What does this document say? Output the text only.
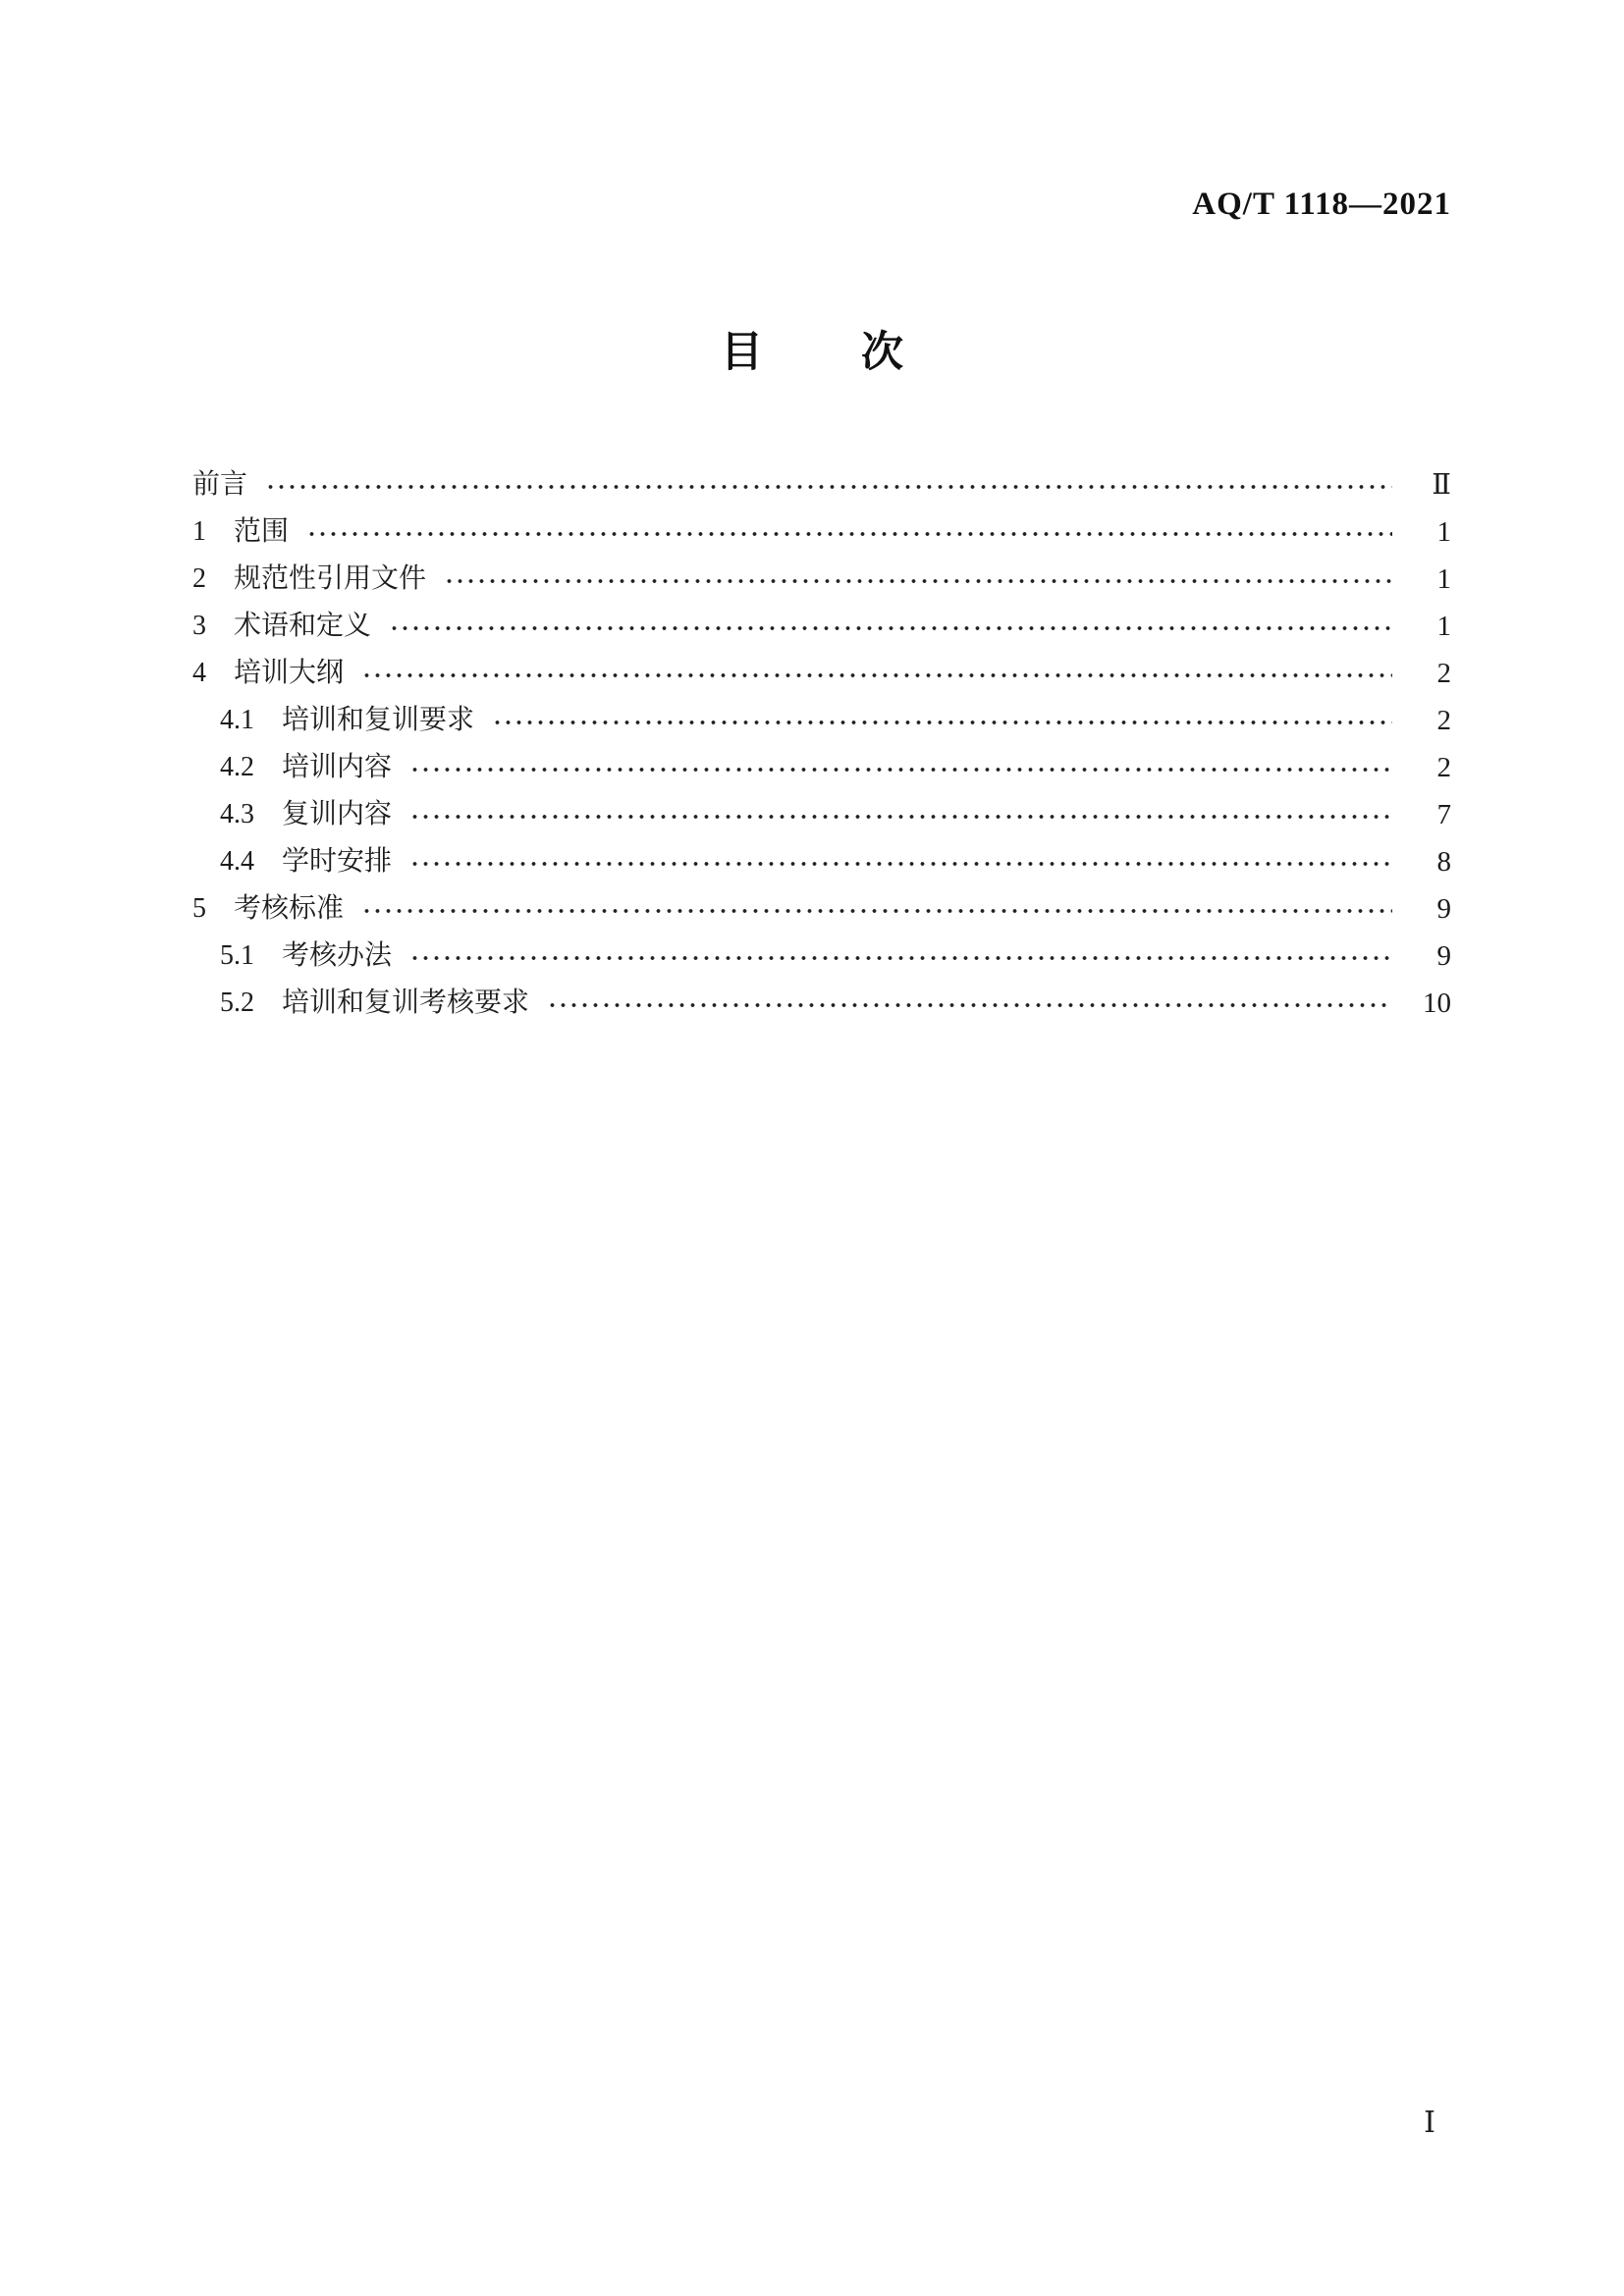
AQ/T 1118—2021
目 次
前言	Ⅱ
1	范围	1
2	规范性引用文件	1
3	术语和定义	1
4	培训大纲	2
4.1	培训和复训要求	2
4.2	培训内容	2
4.3	复训内容	7
4.4	学时安排	8
5	考核标准	9
5.1	考核办法	9
5.2	培训和复训考核要求	10
Ⅰ
